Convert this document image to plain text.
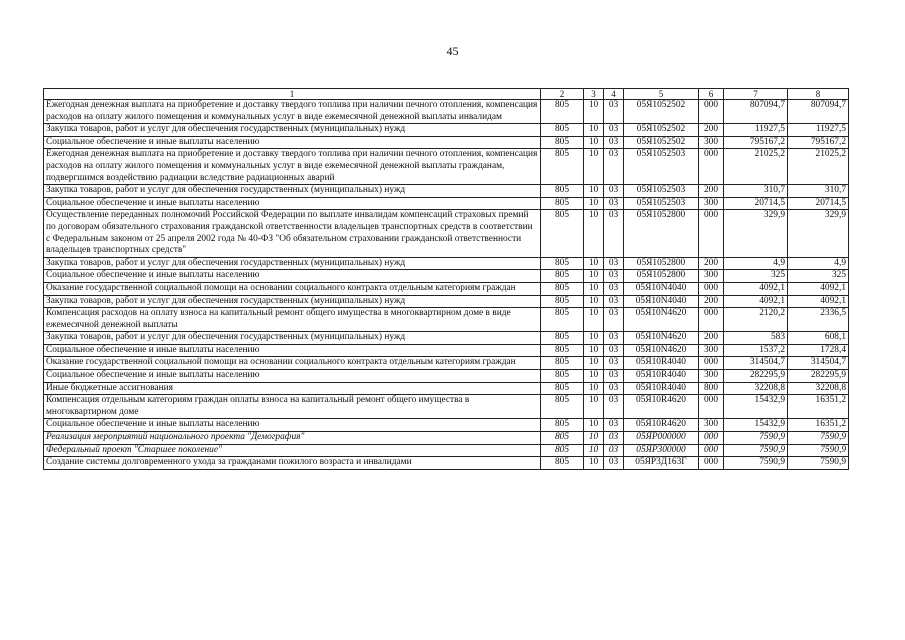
45
1	2	3	4	5	6	7	8
Ежегодная денежная выплата на приобретение и доставку твердого топлива при наличии печного отопления, компенсация расходов на оплату жилого помещения и коммунальных услуг в виде ежемесячной денежной выплаты инвалидам	805	10	03	05Я1052502	000	807094,7	807094,7
Закупка товаров, работ и услуг для обеспечения государственных (муниципальных) нужд	805	10	03	05Я1052502	200	11927,5	11927,5
Социальное обеспечение и иные выплаты населению	805	10	03	05Я1052502	300	795167,2	795167,2
Ежегодная денежная выплата на приобретение и доставку твердого топлива при наличии печного отопления, компенсация расходов на оплату жилого помещения и коммунальных услуг в виде ежемесячной денежной выплаты гражданам, подвергшимся воздействию радиации вследствие радиационных аварий	805	10	03	05Я1052503	000	21025,2	21025,2
Закупка товаров, работ и услуг для обеспечения государственных (муниципальных) нужд	805	10	03	05Я1052503	200	310,7	310,7
Социальное обеспечение и иные выплаты населению	805	10	03	05Я1052503	300	20714,5	20714,5
Осуществление переданных полномочий Российской Федерации по выплате инвалидам компенсаций страховых премий по договорам обязательного страхования гражданской ответственности владельцев транспортных средств в соответствии с Федеральным законом от 25 апреля 2002 года № 40-ФЗ "Об обязательном страховании гражданской ответственности владельцев транспортных средств"	805	10	03	05Я1052800	000	329,9	329,9
Закупка товаров, работ и услуг для обеспечения государственных (муниципальных) нужд	805	10	03	05Я1052800	200	4,9	4,9
Социальное обеспечение и иные выплаты населению	805	10	03	05Я1052800	300	325	325
Оказание государственной социальной помощи на основании социального контракта отдельным категориям граждан	805	10	03	05Я10N4040	000	4092,1	4092,1
Закупка товаров, работ и услуг для обеспечения государственных (муниципальных) нужд	805	10	03	05Я10N4040	200	4092,1	4092,1
Компенсация расходов на оплату взноса на капитальный ремонт общего имущества в многоквартирном доме в виде ежемесячной денежной выплаты	805	10	03	05Я10N4620	000	2120,2	2336,5
Закупка товаров, работ и услуг для обеспечения государственных (муниципальных) нужд	805	10	03	05Я10N4620	200	583	608,1
Социальное обеспечение и иные выплаты населению	805	10	03	05Я10N4620	300	1537,2	1728,4
Оказание государственной социальной помощи на основании социального контракта отдельным категориям граждан	805	10	03	05Я10R4040	000	314504,7	314504,7
Социальное обеспечение и иные выплаты населению	805	10	03	05Я10R4040	300	282295,9	282295,9
Иные бюджетные ассигнования	805	10	03	05Я10R4040	800	32208,8	32208,8
Компенсация отдельным категориям граждан оплаты взноса на капитальный ремонт общего имущества в многоквартирном доме	805	10	03	05Я10R4620	000	15432,9	16351,2
Социальное обеспечение и иные выплаты населению	805	10	03	05Я10R4620	300	15432,9	16351,2
Реализация мероприятий национального проекта "Демография"	805	10	03	05ЯР000000	000	7590,9	7590,9
Федеральный проект "Старшее поколение"	805	10	03	05ЯР300000	000	7590,9	7590,9
Создание системы долговременного ухода за гражданами пожилого возраста и инвалидами	805	10	03	05ЯР3Д163Г	000	7590,9	7590,9
